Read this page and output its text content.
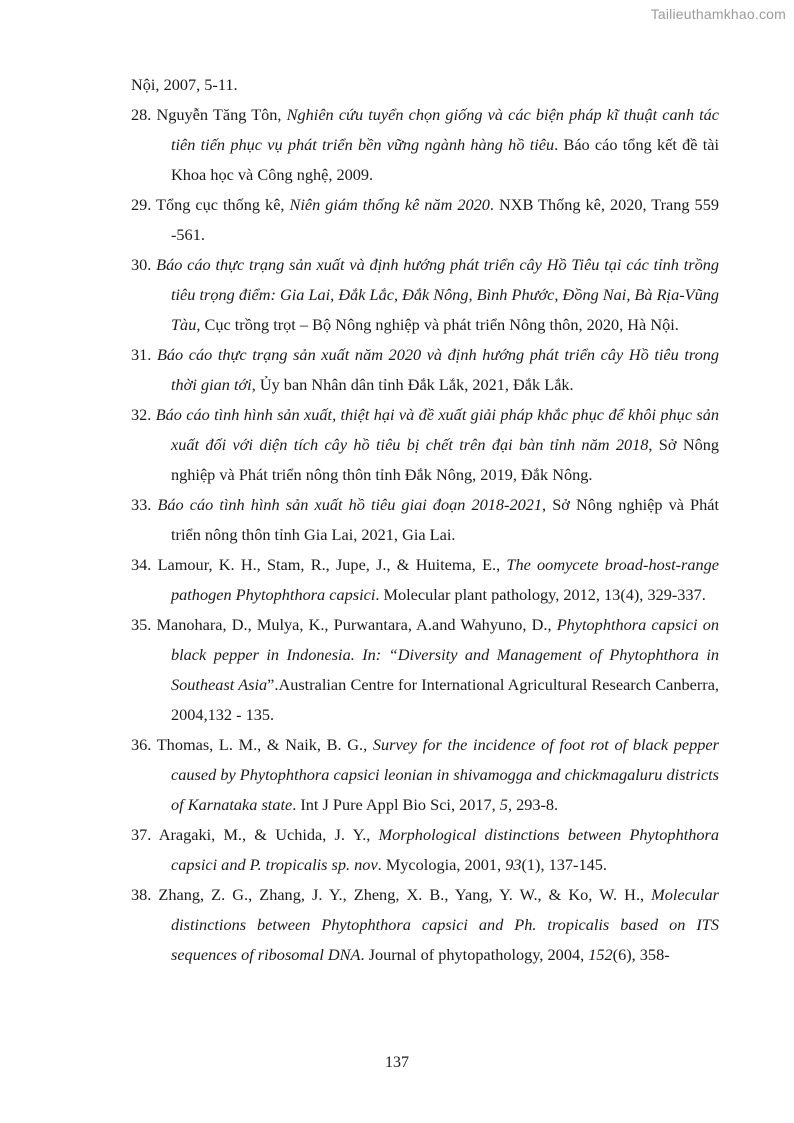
Tailieuthamkhao.com
Nội, 2007, 5-11.
28. Nguyễn Tăng Tôn, Nghiên cứu tuyển chọn giống và các biện pháp kĩ thuật canh tác tiên tiến phục vụ phát triển bền vững ngành hàng hồ tiêu. Báo cáo tổng kết đề tài Khoa học và Công nghệ, 2009.
29. Tổng cục thống kê, Niên giám thống kê năm 2020. NXB Thống kê, 2020, Trang 559 -561.
30. Báo cáo thực trạng sản xuất và định hướng phát triển cây Hồ Tiêu tại các tỉnh trồng tiêu trọng điểm: Gia Lai, Đắk Lắc, Đắk Nông, Bình Phước, Đồng Nai, Bà Rịa-Vũng Tàu, Cục trồng trọt – Bộ Nông nghiệp và phát triển Nông thôn, 2020, Hà Nội.
31. Báo cáo thực trạng sản xuất năm 2020 và định hướng phát triển cây Hồ tiêu trong thời gian tới, Ủy ban Nhân dân tỉnh Đắk Lắk, 2021, Đắk Lắk.
32. Báo cáo tình hình sản xuất, thiệt hại và đề xuất giải pháp khắc phục để khôi phục sản xuất đối với diện tích cây hồ tiêu bị chết trên đại bàn tỉnh năm 2018, Sở Nông nghiệp và Phát triển nông thôn tỉnh Đắk Nông, 2019, Đắk Nông.
33. Báo cáo tình hình sản xuất hồ tiêu giai đoạn 2018-2021, Sở Nông nghiệp và Phát triển nông thôn tỉnh Gia Lai, 2021, Gia Lai.
34. Lamour, K. H., Stam, R., Jupe, J., & Huitema, E., The oomycete broad-host-range pathogen Phytophthora capsici. Molecular plant pathology, 2012, 13(4), 329-337.
35. Manohara, D., Mulya, K., Purwantara, A.and Wahyuno, D., Phytophthora capsici on black pepper in Indonesia. In: “Diversity and Management of Phytophthora in Southeast Asia”.Australian Centre for International Agricultural Research Canberra, 2004,132 - 135.
36. Thomas, L. M., & Naik, B. G., Survey for the incidence of foot rot of black pepper caused by Phytophthora capsici leonian in shivamogga and chickmagaluru districts of Karnataka state. Int J Pure Appl Bio Sci, 2017, 5, 293-8.
37. Aragaki, M., & Uchida, J. Y., Morphological distinctions between Phytophthora capsici and P. tropicalis sp. nov. Mycologia, 2001, 93(1), 137-145.
38. Zhang, Z. G., Zhang, J. Y., Zheng, X. B., Yang, Y. W., & Ko, W. H., Molecular distinctions between Phytophthora capsici and Ph. tropicalis based on ITS sequences of ribosomal DNA. Journal of phytopathology, 2004, 152(6), 358-
137
